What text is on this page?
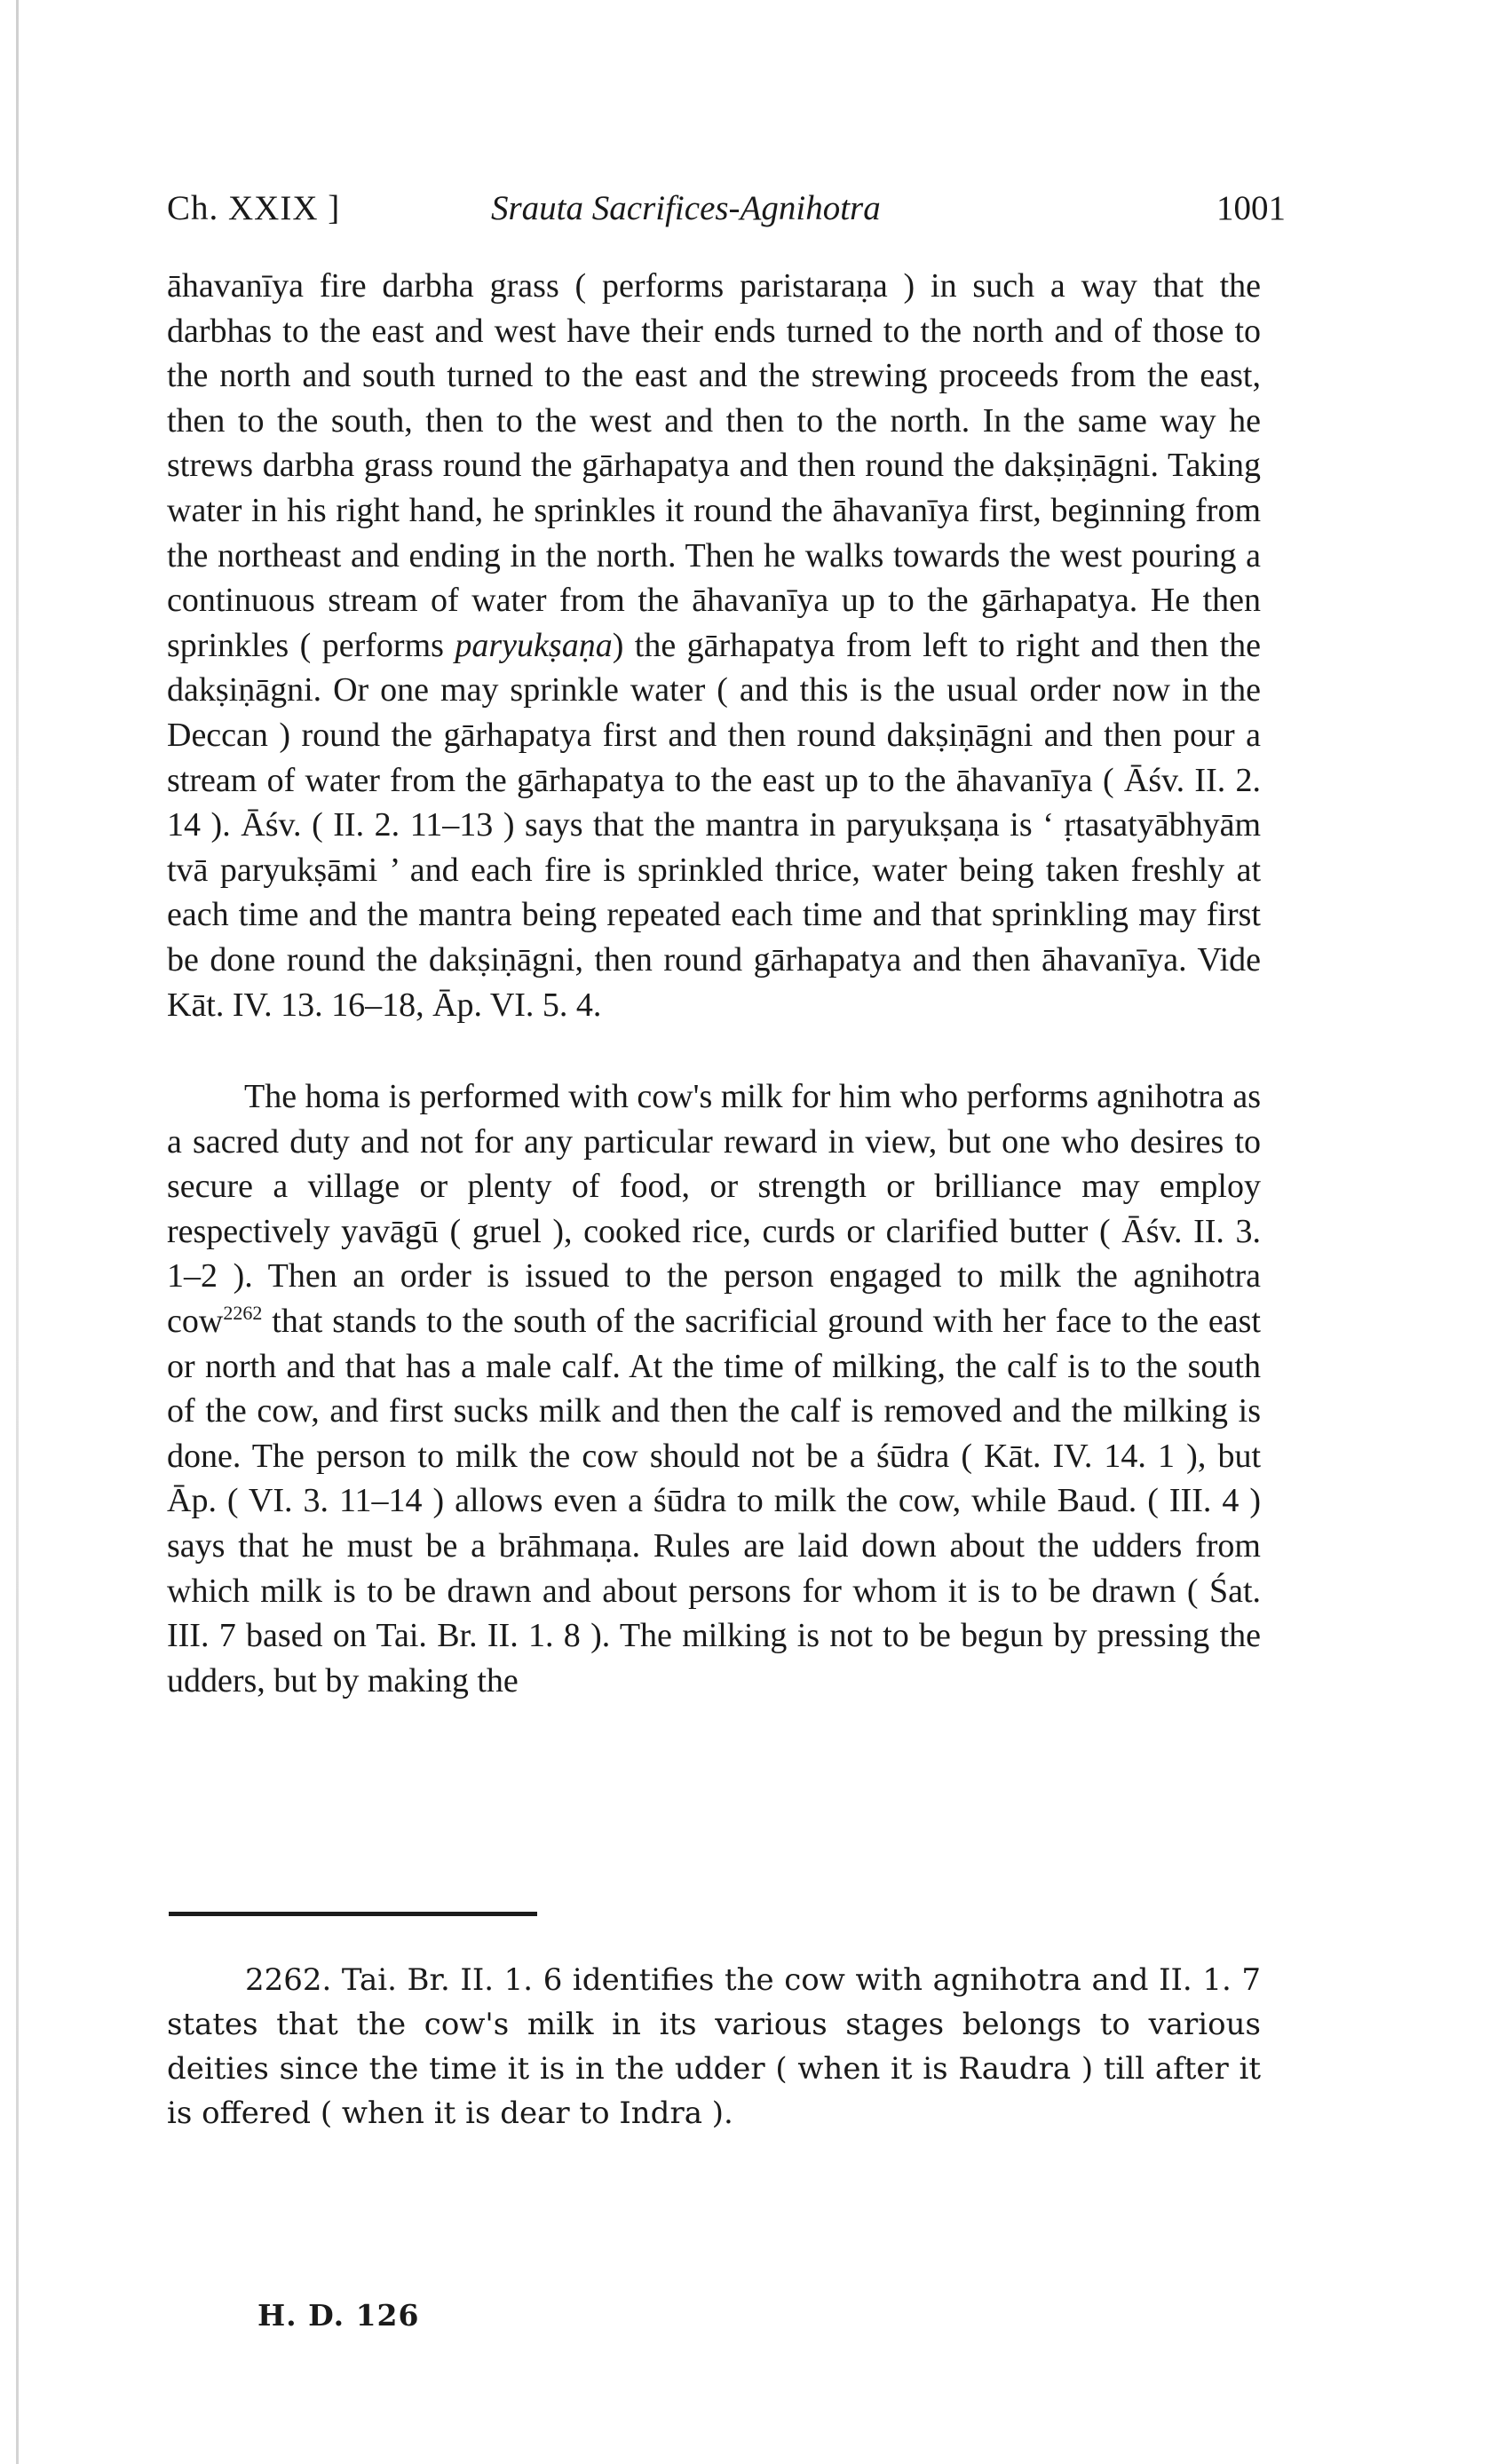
Ch. XXIX ]	Srauta Sacrifices-Agnihotra	1001

āhavanīya fire darbha grass ( performs paristaraṇa ) in such a way that the darbhas to the east and west have their ends turned to the north and of those to the north and south turned to the east and the strewing proceeds from the east, then to the south, then to the west and then to the north. In the same way he strews darbha grass round the gārhapatya and then round the dakṣiṇāgni. Taking water in his right hand, he sprinkles it round the āhavanīya first, beginning from the northeast and ending in the north. Then he walks towards the west pouring a continuous stream of water from the āhavanīya up to the gārhapatya. He then sprinkles ( performs paryukṣaṇa) the gārhapatya from left to right and then the dakṣiṇāgni. Or one may sprinkle water ( and this is the usual order now in the Deccan ) round the gārhapatya first and then round dakṣiṇāgni and then pour a stream of water from the gārhapatya to the east up to the āhavanīya ( Āśv. II. 2. 14 ). Āśv. ( II. 2. 11–13 ) says that the mantra in paryukṣaṇa is ‘ ṛtasatyābhyām tvā paryukṣāmi ’ and each fire is sprinkled thrice, water being taken freshly at each time and the mantra being repeated each time and that sprinkling may first be done round the dakṣiṇāgni, then round gārhapatya and then āhavanīya. Vide Kāt. IV. 13. 16–18, Āp. VI. 5. 4.

The homa is performed with cow's milk for him who performs agnihotra as a sacred duty and not for any particular reward in view, but one who desires to secure a village or plenty of food, or strength or brilliance may employ respectively yavāgū ( gruel ), cooked rice, curds or clarified butter ( Āśv. II. 3. 1–2 ). Then an order is issued to the person engaged to milk the agnihotra cow$^{2262}$ that stands to the south of the sacrificial ground with her face to the east or north and that has a male calf. At the time of milking, the calf is to the south of the cow, and first sucks milk and then the calf is removed and the milking is done. The person to milk the cow should not be a śūdra ( Kāt. IV. 14. 1 ), but Āp. ( VI. 3. 11–14 ) allows even a śūdra to milk the cow, while Baud. ( III. 4 ) says that he must be a brāhmaṇa. Rules are laid down about the udders from which milk is to be drawn and about persons for whom it is to be drawn ( Śat. III. 7 based on Tai. Br. II. 1. 8 ). The milking is not to be begun by pressing the udders, but by making the

2262. Tai. Br. II. 1. 6 identifies the cow with agnihotra and II. 1. 7 states that the cow's milk in its various stages belongs to various deities since the time it is in the udder ( when it is Raudra ) till after it is offered ( when it is dear to Indra ).

H. D. 126
